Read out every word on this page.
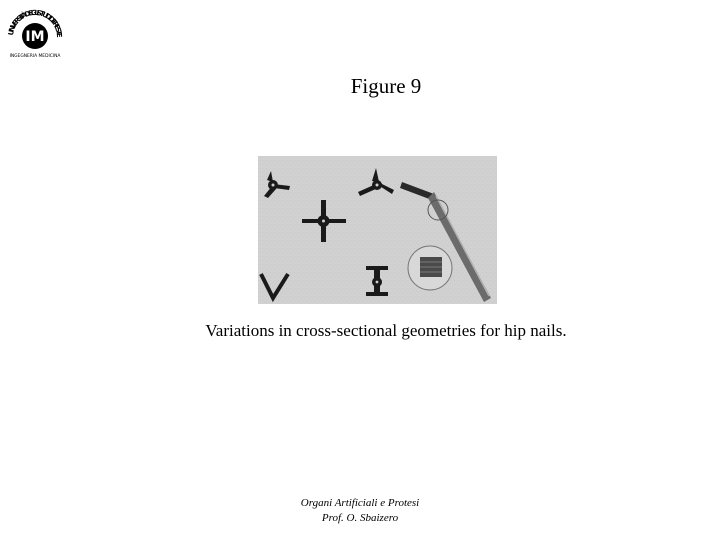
UNIVERSITÀ DEGLI STUDI DI TRIESTE
IM
INGEGNERIA MEDICINA
Figure 9
Variations in cross-sectional geometries for hip nails.
Organi Artificiali e Protesi
Prof. O. Sbaizero
